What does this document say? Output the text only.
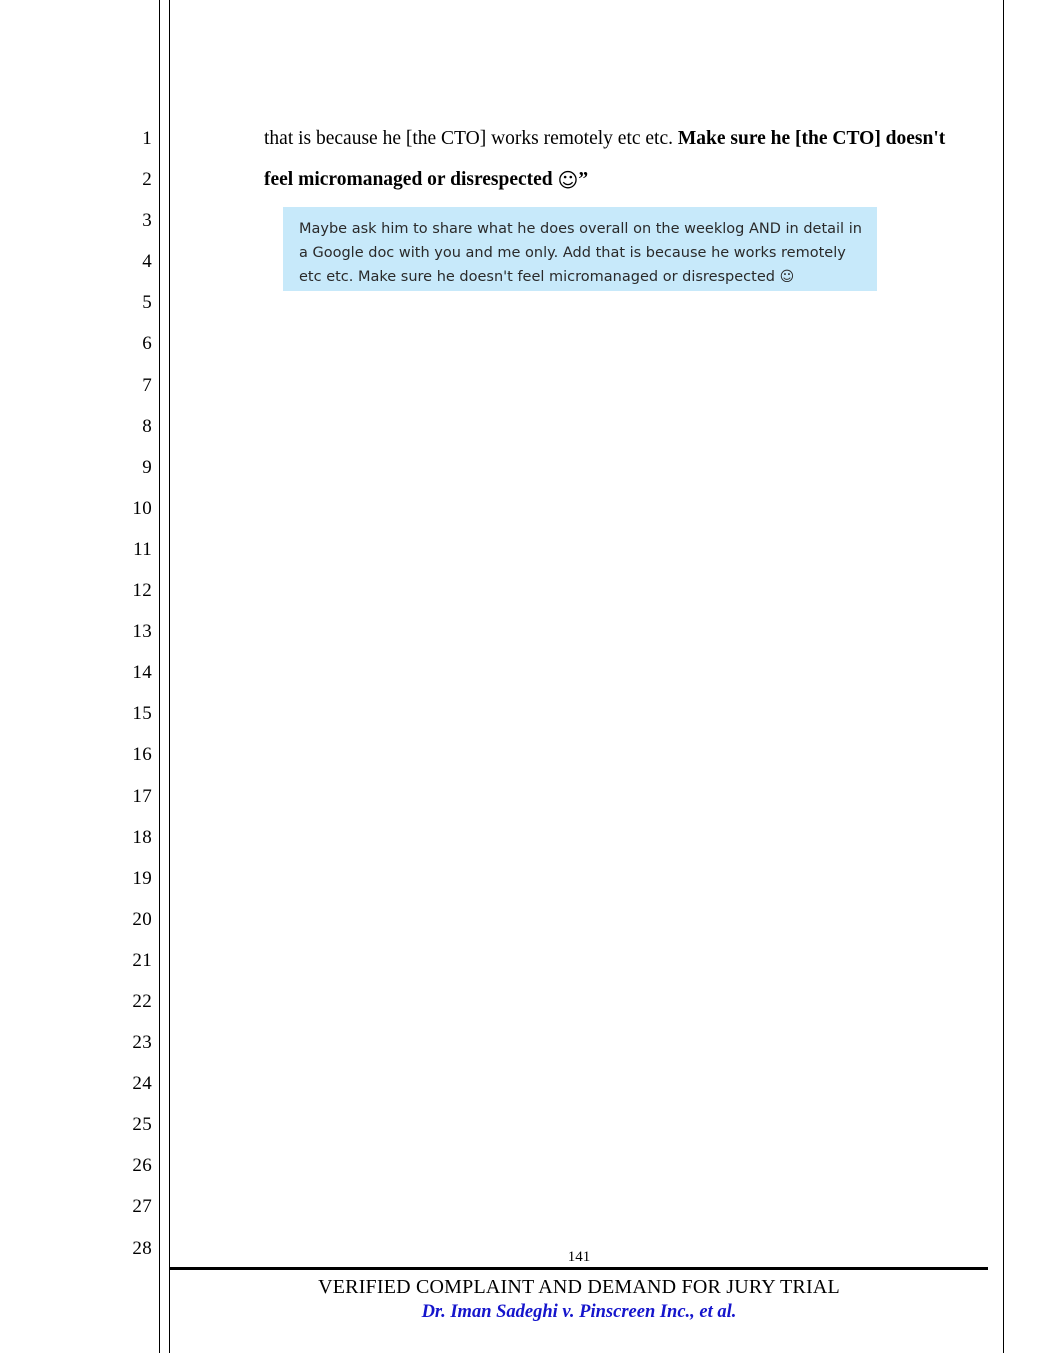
1
2
3
4
5
6
7
8
9
10
11
12
13
14
15
16
17
18
19
20
21
22
23
24
25
26
27
28
that is because he [the CTO] works remotely etc etc. Make sure he [the CTO] doesn't
feel micromanaged or disrespected ☺”
Maybe ask him to share what he does overall on the weeklog AND in detail in
a Google doc with you and me only. Add that is because he works remotely
etc etc. Make sure he doesn't feel micromanaged or disrespected ☺
141
VERIFIED COMPLAINT AND DEMAND FOR JURY TRIAL
Dr. Iman Sadeghi v. Pinscreen Inc., et al.
